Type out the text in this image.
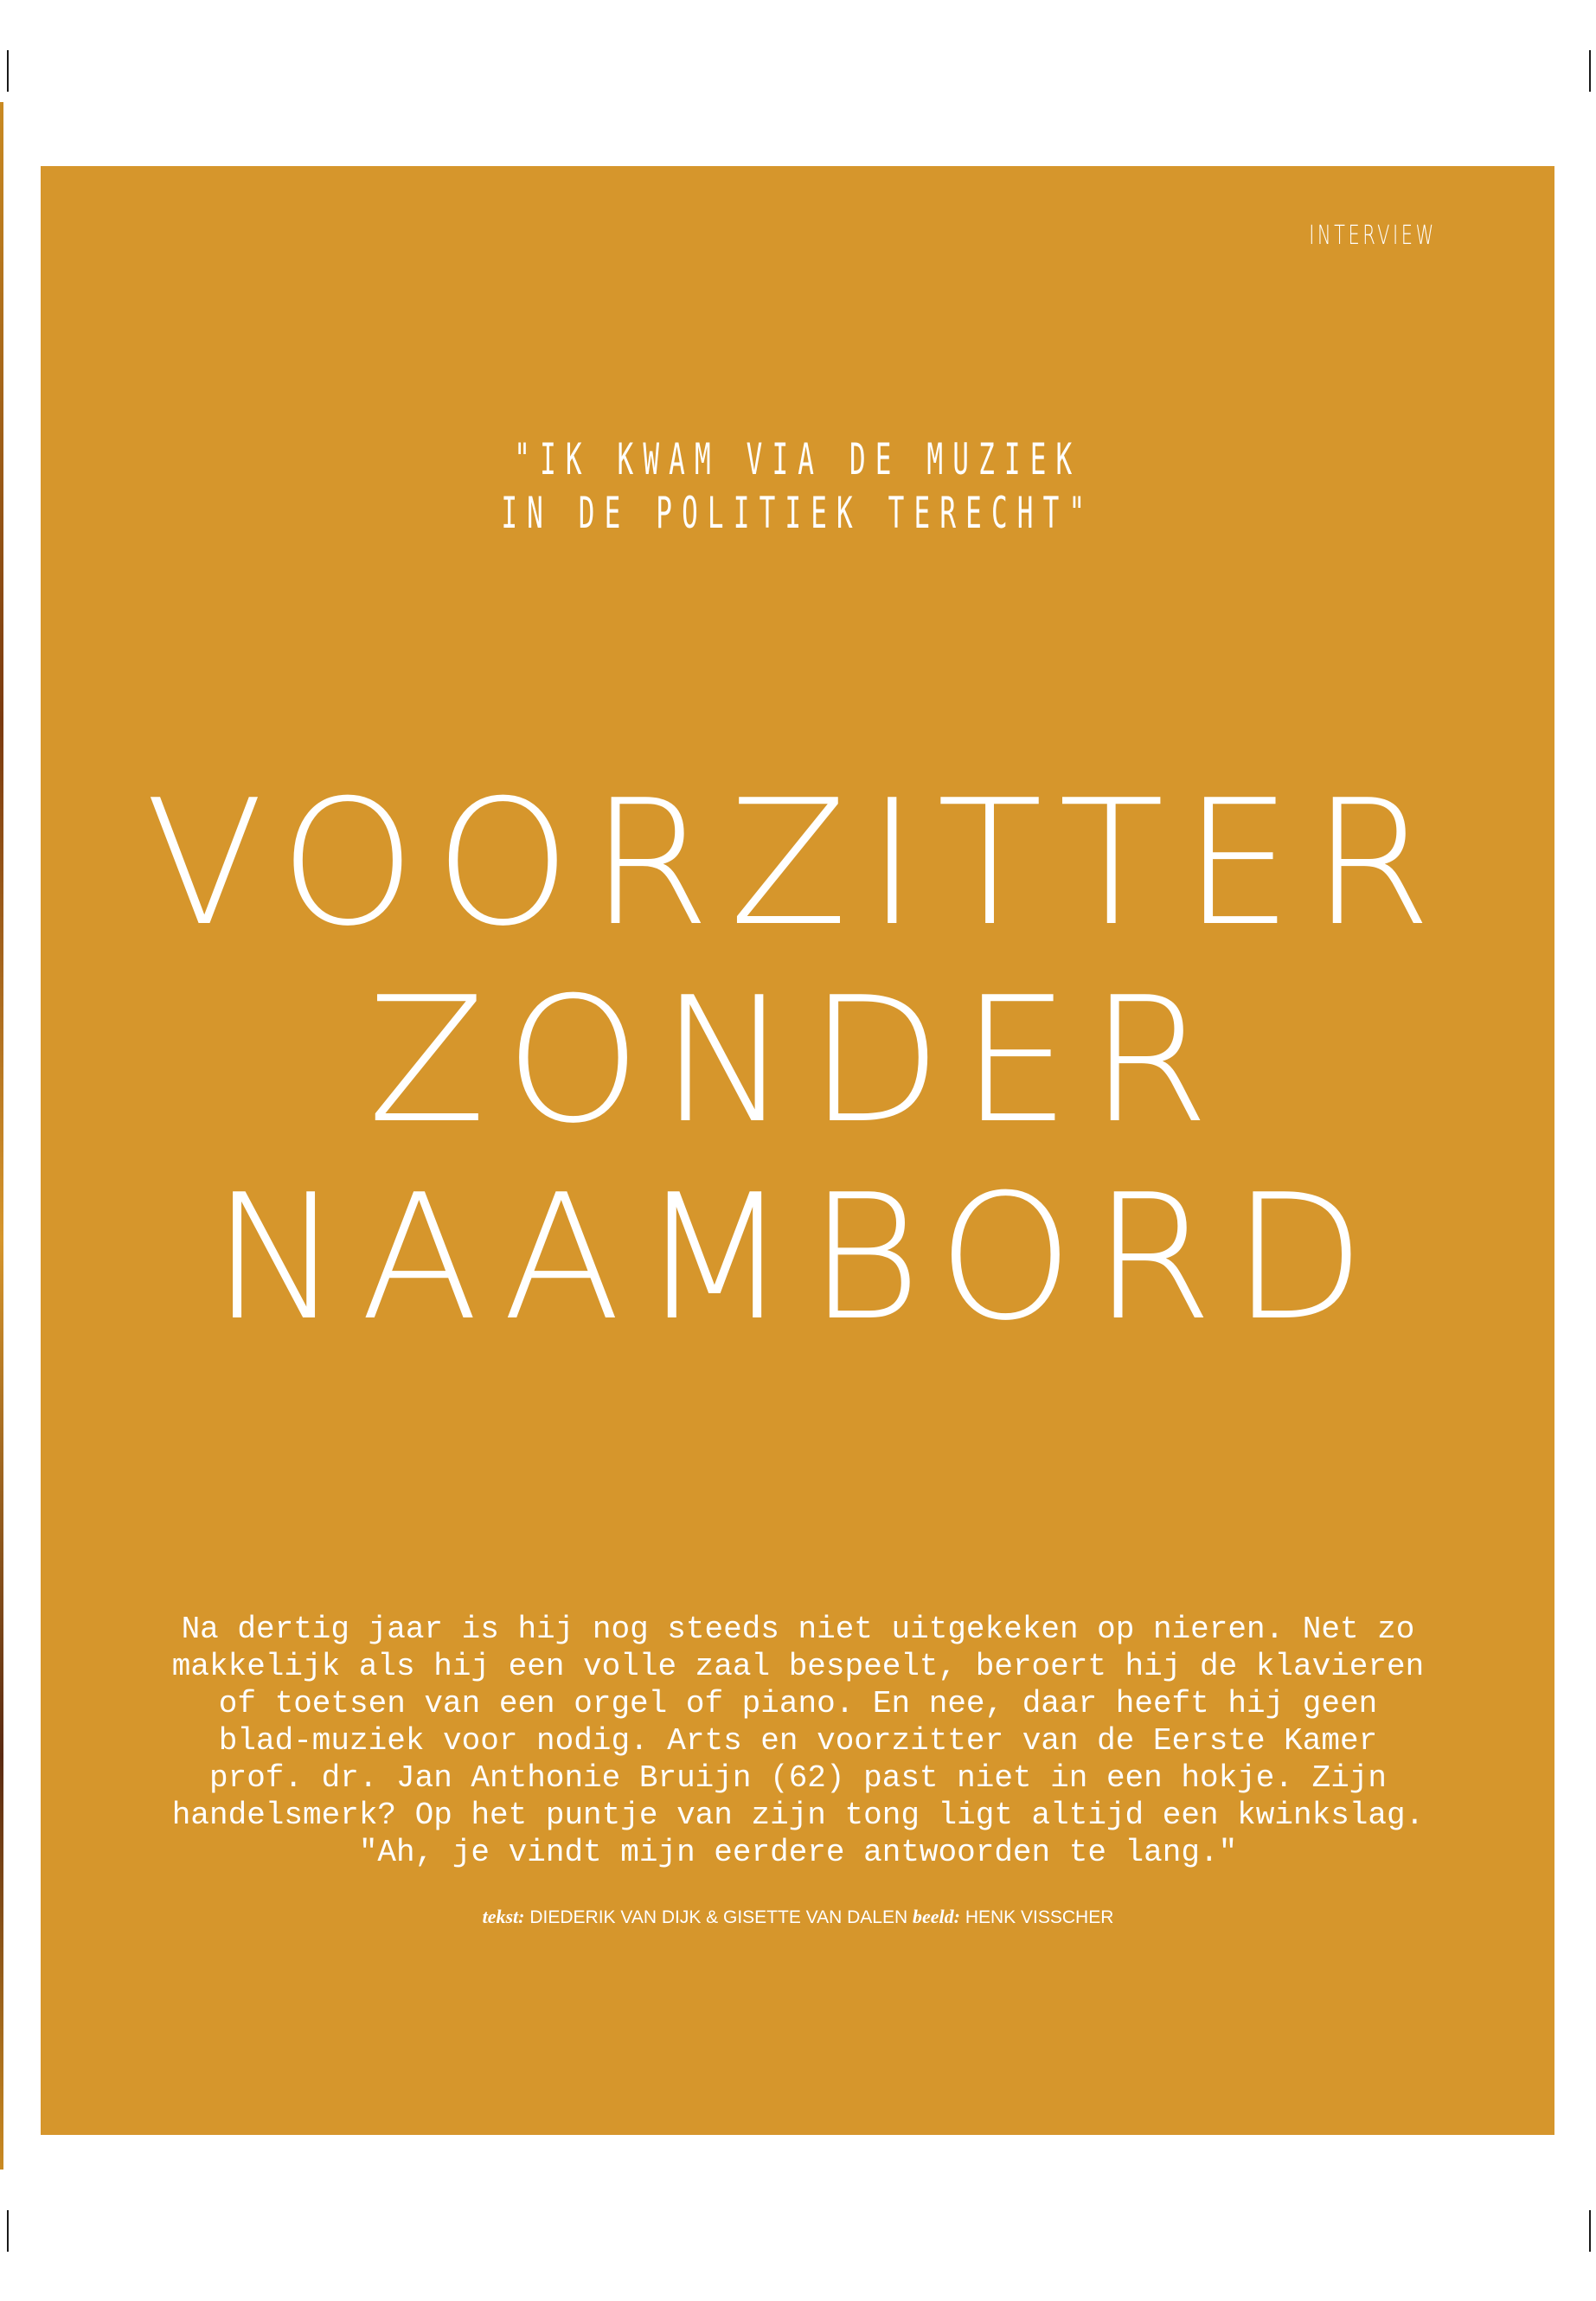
INTERVIEW
"IK KWAM VIA DE MUZIEK
IN DE POLITIEK TERECHT"
VOORZITTER
ZONDER
NAAMBORD

Na dertig jaar is hij nog steeds niet uitgekeken op nieren. Net zo makkelijk als hij een volle zaal bespeelt, beroert hij de klavieren of toetsen van een orgel of piano. En nee, daar heeft hij geen blad-muziek voor nodig. Arts en voorzitter van de Eerste Kamer prof. dr. Jan Anthonie Bruijn (62) past niet in een hokje. Zijn handelsmerk? Op het puntje van zijn tong ligt altijd een kwinkslag. "Ah, je vindt mijn eerdere antwoorden te lang."

tekst: DIEDERIK VAN DIJK & GISETTE VAN DALEN beeld: HENK VISSCHER
